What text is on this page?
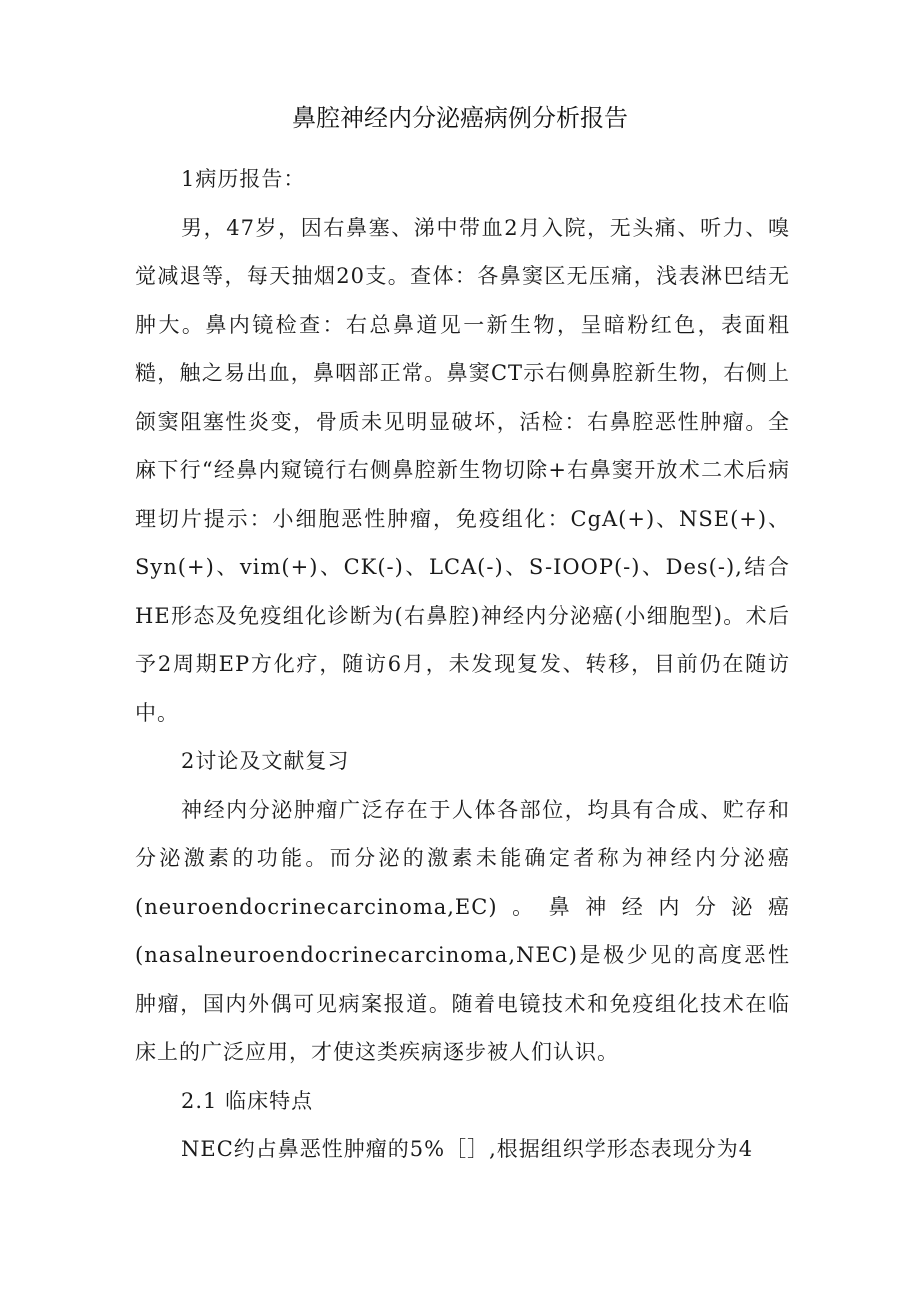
鼻腔神经内分泌癌病例分析报告

1病历报告：

男，47岁，因右鼻塞、涕中带血2月入院，无头痛、听力、嗅觉减退等，每天抽烟20支。查体：各鼻窦区无压痛，浅表淋巴结无肿大。鼻内镜检查：右总鼻道见一新生物，呈暗粉红色，表面粗糙，触之易出血，鼻咽部正常。鼻窦CT示右侧鼻腔新生物，右侧上颌窦阻塞性炎变，骨质未见明显破坏，活检：右鼻腔恶性肿瘤。全麻下行“经鼻内窥镜行右侧鼻腔新生物切除+右鼻窦开放术二术后病理切片提示：小细胞恶性肿瘤，免疫组化：CgA(+)、NSE(+)、Syn(+)、vim(+)、CK(-)、LCA(-)、S-IOOP(-)、Des(-),结合HE形态及免疫组化诊断为(右鼻腔)神经内分泌癌(小细胞型)。术后予2周期EP方化疗，随访6月，未发现复发、转移，目前仍在随访中。

2讨论及文献复习

神经内分泌肿瘤广泛存在于人体各部位，均具有合成、贮存和分泌激素的功能。而分泌的激素未能确定者称为神经内分泌癌(neuroendocrinecarcinoma,EC)。鼻神经内分泌癌(nasalneuroendocrinecarcinoma,NEC)是极少见的高度恶性肿瘤，国内外偶可见病案报道。随着电镜技术和免疫组化技术在临床上的广泛应用，才使这类疾病逐步被人们认识。

2.1 临床特点

NEC约占鼻恶性肿瘤的5%［］,根据组织学形态表现分为4
